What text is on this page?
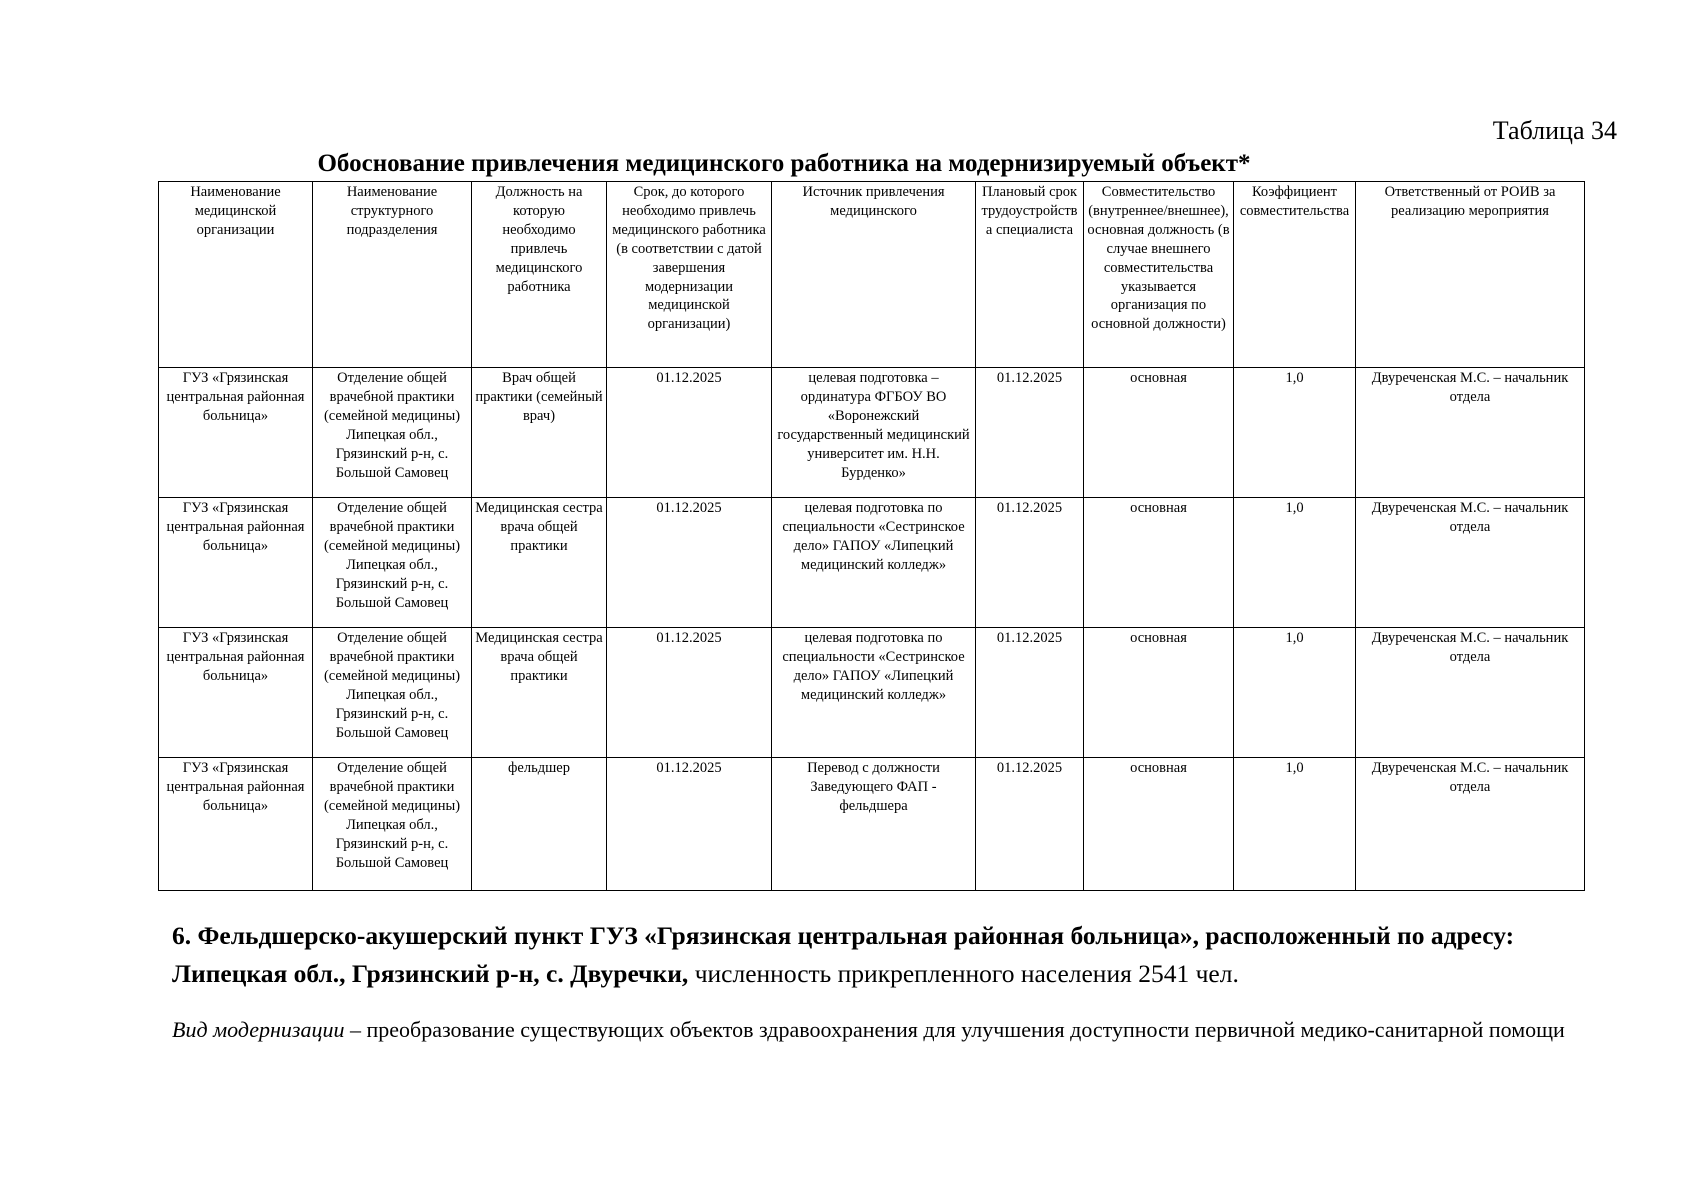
Таблица 34
Обоснование привлечения медицинского работника на модернизируемый объект*
Наименование медицинской организации	Наименование структурного подразделения	Должность на которую необходимо привлечь медицинского работника	Срок, до которого необходимо привлечь медицинского работника (в соответствии с датой завершения модернизации медицинской организации)	Источник привлечения медицинского	Плановый срок трудоустройства специалиста	Совместительство (внутреннее/внешнее), основная должность (в случае внешнего совместительства указывается организация по основной должности)	Коэффициент совместительства	Ответственный от РОИВ за реализацию мероприятия
ГУЗ «Грязинская центральная районная больница»	Отделение общей врачебной практики (семейной медицины) Липецкая обл., Грязинский р-н, с. Большой Самовец	Врач общей практики (семейный врач)	01.12.2025	целевая подготовка – ординатура ФГБОУ ВО «Воронежский государственный медицинский университет им. Н.Н. Бурденко»	01.12.2025	основная	1,0	Двуреченская М.С. – начальник отдела
ГУЗ «Грязинская центральная районная больница»	Отделение общей врачебной практики (семейной медицины) Липецкая обл., Грязинский р-н, с. Большой Самовец	Медицинская сестра врача общей практики	01.12.2025	целевая подготовка по специальности «Сестринское дело» ГАПОУ «Липецкий медицинский колледж»	01.12.2025	основная	1,0	Двуреченская М.С. – начальник отдела
ГУЗ «Грязинская центральная районная больница»	Отделение общей врачебной практики (семейной медицины) Липецкая обл., Грязинский р-н, с. Большой Самовец	Медицинская сестра врача общей практики	01.12.2025	целевая подготовка по специальности «Сестринское дело» ГАПОУ «Липецкий медицинский колледж»	01.12.2025	основная	1,0	Двуреченская М.С. – начальник отдела
ГУЗ «Грязинская центральная районная больница»	Отделение общей врачебной практики (семейной медицины) Липецкая обл., Грязинский р-н, с. Большой Самовец	фельдшер	01.12.2025	Перевод с должности Заведующего ФАП - фельдшера	01.12.2025	основная	1,0	Двуреченская М.С. – начальник отдела
6. Фельдшерско-акушерский пункт ГУЗ «Грязинская центральная районная больница», расположенный по адресу: Липецкая обл., Грязинский р-н, с. Двуречки, численность прикрепленного населения 2541 чел.
Вид модернизации – преобразование существующих объектов здравоохранения для улучшения доступности первичной медико-санитарной помощи
